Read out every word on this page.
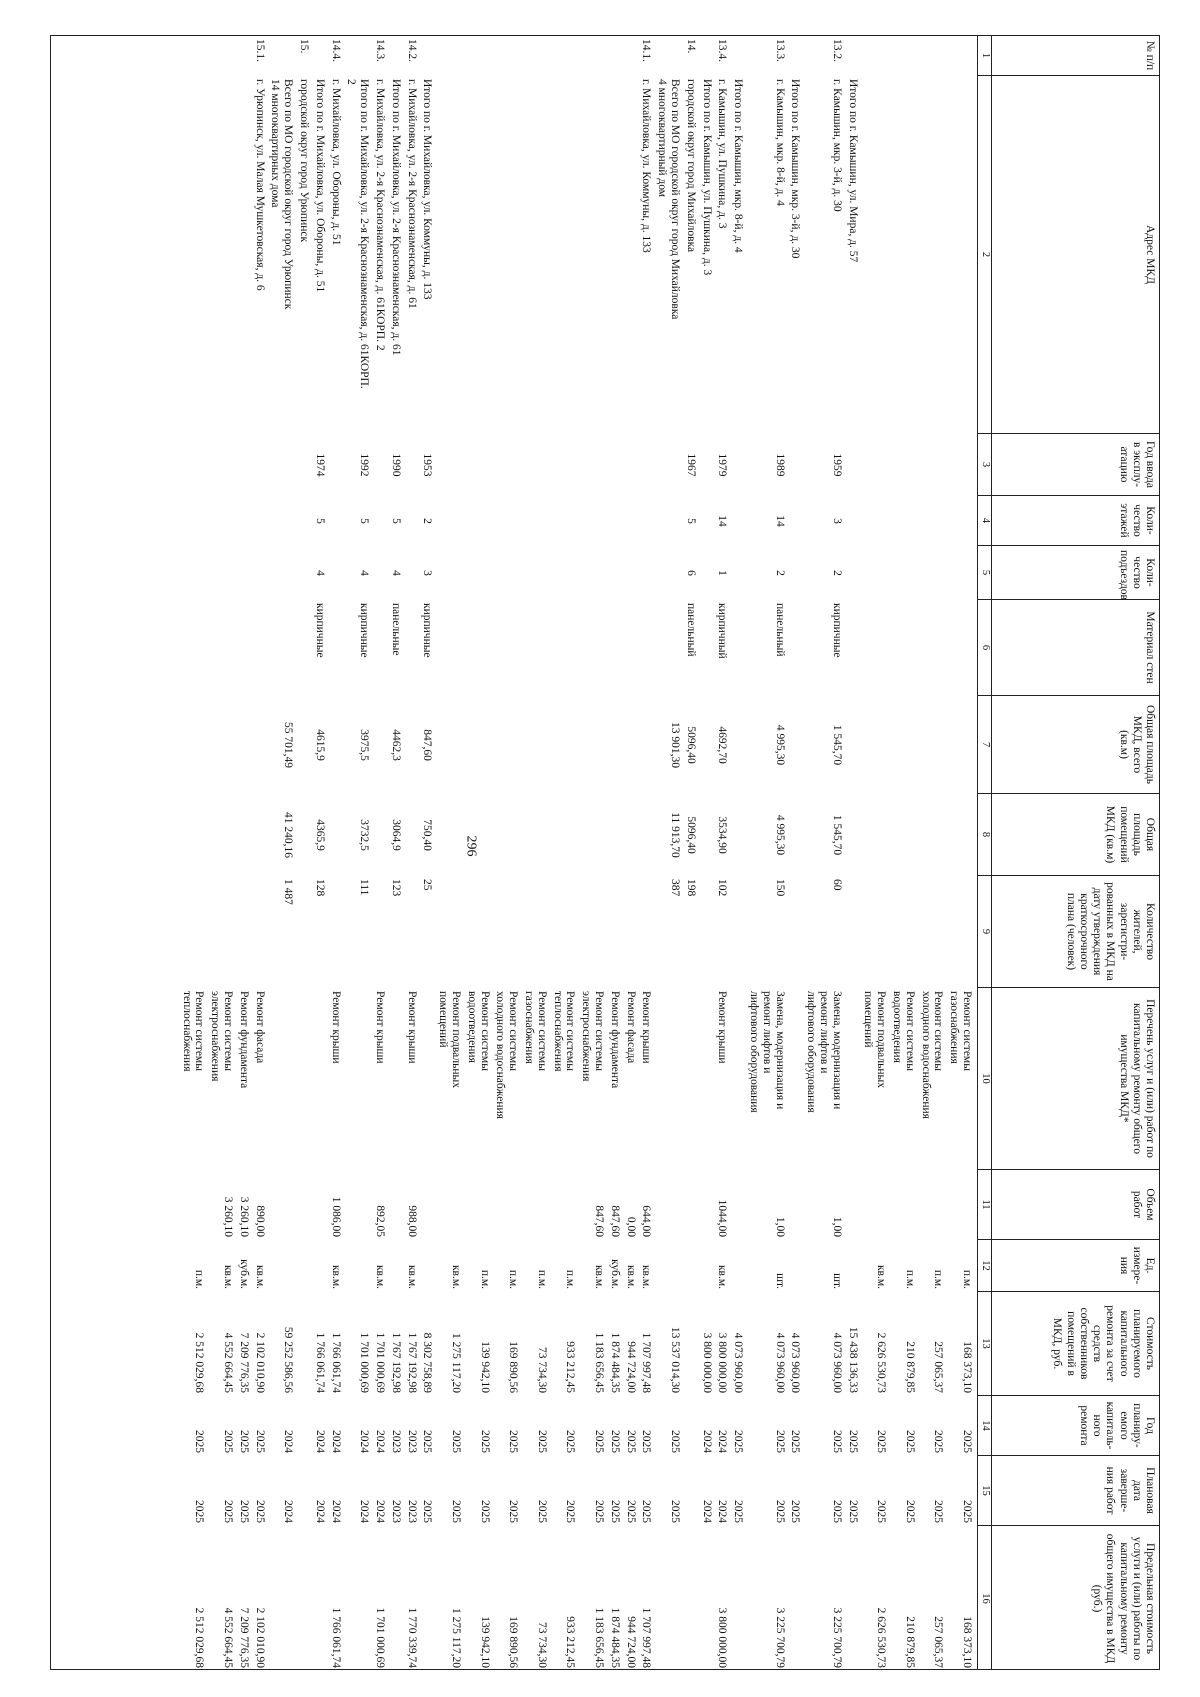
296
№ п/п
Адрес МКД
Год ввода в эксплу-атацию
Коли-чество этажей
Коли-чество подъездов
Материал стен
Общая площадь МКД, всего (кв.м)
Общая площадь помещений МКД (кв.м)
Количество жителей, зарегистри-рованных в МКД на дату утверждения краткосрочного плана (человек)
Перечень услуг и (или) работ по капитальному ремонту общего имущества МКД*
Объем работ
Ед. измере-ния
Стоимость планируемого капитального ремонта за счет средств собственников помещений в МКД, руб.
Год планиру-емого капиталь-ного ремонта
Плановая дата заверше-ния работ
Предельная стоимость услуги и (или) работы по капитальному ремонту общего имущества в МКД (руб.)
1
2
3
4
5
6
7
8
9
10
11
12
13
14
15
16
Ремонт системы
газоснабжения
п.м.
168 373,10
2025
2025
168 373,10
Ремонт системы
холодного водоснабжения
п.м.
257 065,37
2025
2025
257 065,37
Ремонт системы
водоотведения
п.м.
210 879,85
2025
2025
210 879,85
Ремонт подвальных
помещений
кв.м.
2 626 530,73
2025
2025
2 626 530,73
Итого по г. Камышин, ул. Мира, д. 57
15 438 136,33
2025
2025
13.2.
г. Камышин, мкр. 3-й, д. 30
1959
3
2
кирпичные
1 545,70
1 545,70
60
Замена, модернизация и
ремонт лифтов и
лифтового оборудования
1,00
шт.
4 073 960,00
2025
2025
3 225 700,79
Итого по г. Камышин, мкр. 3-й, д. 30
4 073 960,00
2025
2025
13.3.
г. Камышин, мкр. 8-й, д. 4
1989
14
2
панельный
4 995,30
4 995,30
150
Замена, модернизация и
ремонт лифтов и
лифтового оборудования
1,00
шт.
4 073 960,00
2025
2025
3 225 700,79
Итого по г. Камышин, мкр. 8-й, д. 4
4 073 960,00
2025
2025
13.4.
г. Камышин, ул. Пушкина, д. 3
1979
14
1
кирпичный
4692,70
3534,90
102
Ремонт крыши
1044,00
кв.м.
3 800 000,00
2024
2024
3 800 000,00
Итого по г. Камышин, ул. Пушкина, д. 3
3 800 000,00
2024
2024
14.
городской округ город Михайловка
1967
5
6
панельный
5096,40
5096,40
198
Всего по МО городской округ город Михайловка
4 многоквартирный дом
13 901,30
11 913,70
387
13 537 014,30
2025
2025
14.1.
г. Михайловка, ул. Коммуны, д. 133
Ремонт крыши
644,00
кв.м.
1 707 997,48
2025
2025
1 707 997,48
Ремонт фасада
0,00
кв.м.
944 724,00
2025
2025
944 724,00
Ремонт фундамента
847,60
куб.м.
1 874 484,35
2025
2025
1 874 484,35
Ремонт системы
электроснабжения
847,60
кв.м.
1 183 656,45
2025
2025
1 183 656,45
Ремонт системы
теплоснабжения
п.м.
933 212,45
2025
2025
933 212,45
Ремонт системы
газоснабжения
п.м.
73 734,30
2025
2025
73 734,30
Ремонт системы
холодного водоснабжения
п.м.
169 890,56
2025
2025
169 890,56
Ремонт системы
водоотведения
п.м.
139 942,10
2025
2025
139 942,10
Ремонт подвальных
помещений
кв.м.
1 275 117,20
2025
2025
1 275 117,20
Итого по г. Михайловка, ул. Коммуны, д. 133
1953
2
3
кирпичные
847,60
750,40
25
8 302 758,89
2025
2025
14.2.
г. Михайловка, ул. 2-я Краснознаменская, д. 61
Ремонт крыши
988,00
кв.м.
1 767 192,98
2023
2023
1 770 339,74
Итого по г. Михайловка, ул. 2-я Краснознаменская, д. 61
1990
5
4
панельные
4462,3
3064,9
123
1 767 192,98
2023
2023
14.3.
г. Михайловка, ул. 2-я Краснознаменская, д. 61КОРП. 2
Ремонт крыши
892,05
кв.м.
1 701 000,69
2024
2024
1 701 000,69
Итого по г. Михайловка, ул. 2-я Краснознаменская, д. 61КОРП.
2
1992
5
4
кирпичные
3975,5
3732,5
111
1 701 000,69
2024
2024
14.4.
г. Михайловка, ул. Обороны, д. 51
Ремонт крыши
1 086,00
кв.м.
1 766 061,74
2024
2024
1 766 061,74
Итого по г. Михайловка, ул. Обороны, д. 51
1974
5
4
кирпичные
4615,9
4365,9
128
1 766 061,74
2024
2024
15.
городской округ город Урюпинск
Всего по МО городской округ город Урюпинск
14 многоквартирных дома
55 701,49
41 240,16
1 487
59 252 586,56
2024
2024
15.1.
г. Урюпинск, ул. Малая Мушкетовская, д. 6
Ремонт фасада
890,00
кв.м.
2 102 010,90
2025
2025
2 102 010,90
Ремонт фундамента
3 260,10
куб.м.
7 209 776,35
2025
2025
7 209 776,35
Ремонт системы
электроснабжения
3 260,10
кв.м.
4 552 664,45
2025
2025
4 552 664,45
Ремонт системы
теплоснабжения
п.м.
2 512 029,68
2025
2025
2 512 029,68
